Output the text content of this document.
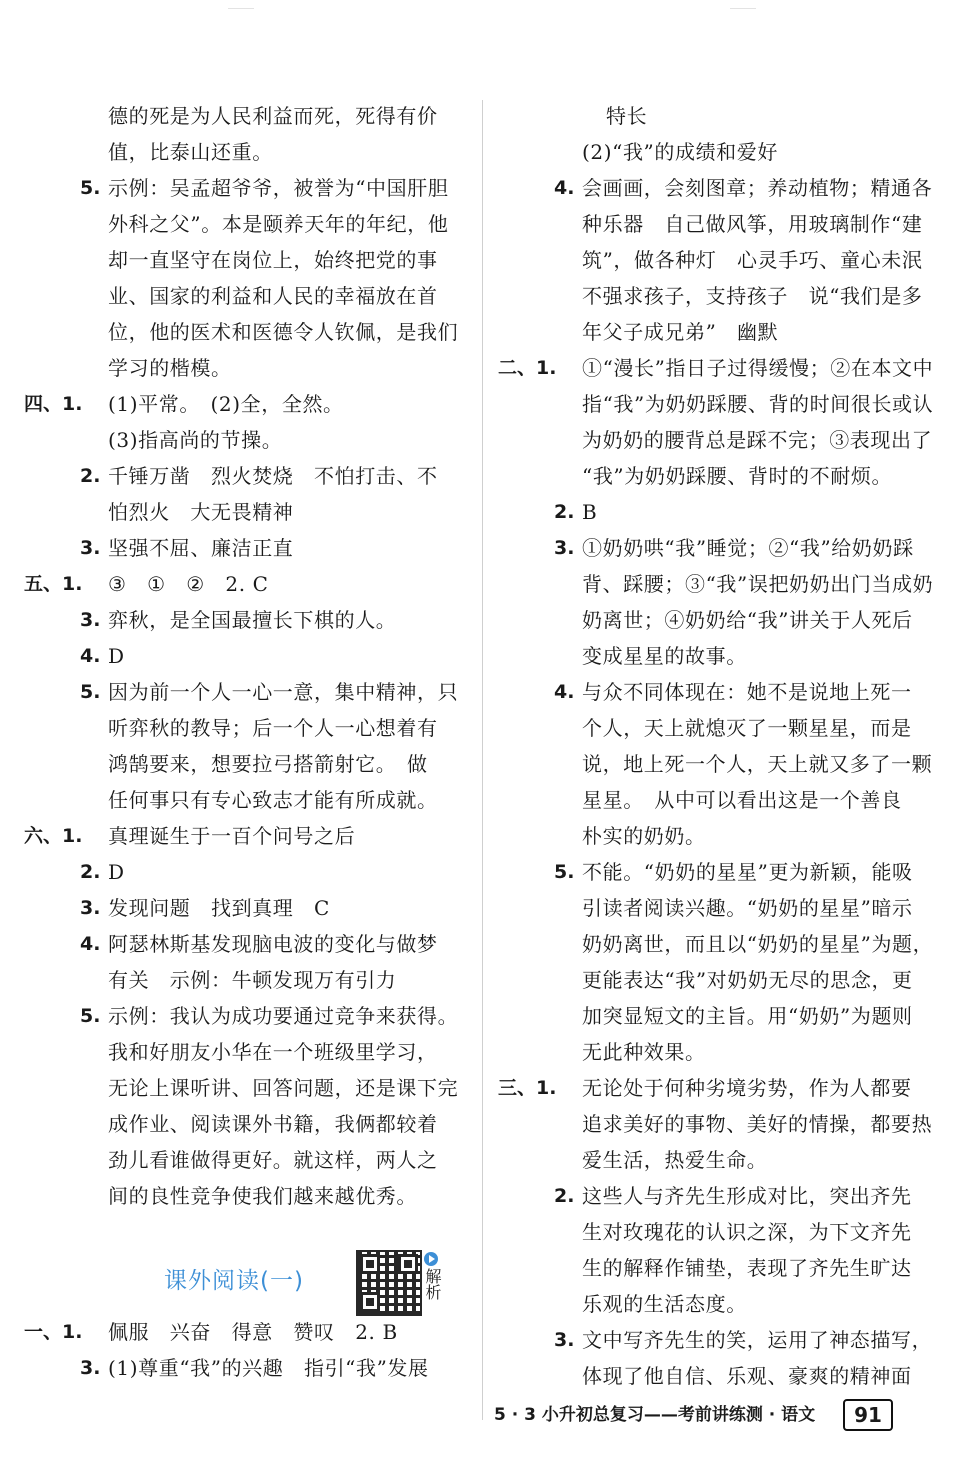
德的死是为人民利益而死，死得有价
值，比泰山还重。
5. 示例：吴孟超爷爷，被誉为“中国肝胆
外科之父”。本是颐养天年的年纪，他
却一直坚守在岗位上，始终把党的事
业、国家的利益和人民的幸福放在首
位，他的医术和医德令人钦佩，是我们
学习的楷模。
四、1. (1)平常。　(2)全，全然。
(3)指高尚的节操。
2. 千锤万凿　烈火焚烧　不怕打击、不
怕烈火　大无畏精神
3. 坚强不屈、廉洁正直
五、1. ③　①　②　2. C
3. 弈秋，是全国最擅长下棋的人。
4. D
5. 因为前一个人一心一意，集中精神，只
听弈秋的教导；后一个人一心想着有
鸿鹄要来，想要拉弓搭箭射它。　做
任何事只有专心致志才能有所成就。
六、1. 真理诞生于一百个问号之后
2. D
3. 发现问题　找到真理　C
4. 阿瑟林斯基发现脑电波的变化与做梦
有关　示例：牛顿发现万有引力
5. 示例：我认为成功要通过竞争来获得。
我和好朋友小华在一个班级里学习，
无论上课听讲、回答问题，还是课下完
成作业、阅读课外书籍，我俩都较着
劲儿看谁做得更好。就这样，两人之
间的良性竞争使我们越来越优秀。
课外阅读(一)	解析
一、1. 佩服　兴奋　得意　赞叹　2. B
3. (1)尊重“我”的兴趣　指引“我”发展
特长
(2)“我”的成绩和爱好
4. 会画画，会刻图章；养动植物；精通各
种乐器　自己做风筝，用玻璃制作“建
筑”，做各种灯　心灵手巧、童心未泯
不强求孩子，支持孩子　说“我们是多
年父子成兄弟”　幽默
二、1. ①“漫长”指日子过得缓慢；②在本文中
指“我”为奶奶踩腰、背的时间很长或认
为奶奶的腰背总是踩不完；③表现出了
“我”为奶奶踩腰、背时的不耐烦。
2. B
3. ①奶奶哄“我”睡觉；②“我”给奶奶踩
背、踩腰；③“我”误把奶奶出门当成奶
奶离世；④奶奶给“我”讲关于人死后
变成星星的故事。
4. 与众不同体现在：她不是说地上死一
个人，天上就熄灭了一颗星星，而是
说，地上死一个人，天上就又多了一颗
星星。　从中可以看出这是一个善良
朴实的奶奶。
5. 不能。“奶奶的星星”更为新颖，能吸
引读者阅读兴趣。“奶奶的星星”暗示
奶奶离世，而且以“奶奶的星星”为题，
更能表达“我”对奶奶无尽的思念，更
加突显短文的主旨。用“奶奶”为题则
无此种效果。
三、1. 无论处于何种劣境劣势，作为人都要
追求美好的事物、美好的情操，都要热
爱生活，热爱生命。
2. 这些人与齐先生形成对比，突出齐先
生对玫瑰花的认识之深，为下文齐先
生的解释作铺垫，表现了齐先生旷达
乐观的生活态度。
3. 文中写齐先生的笑，运用了神态描写，
体现了他自信、乐观、豪爽的精神面
5 · 3 小升初总复习——考前讲练测 · 语文	91
